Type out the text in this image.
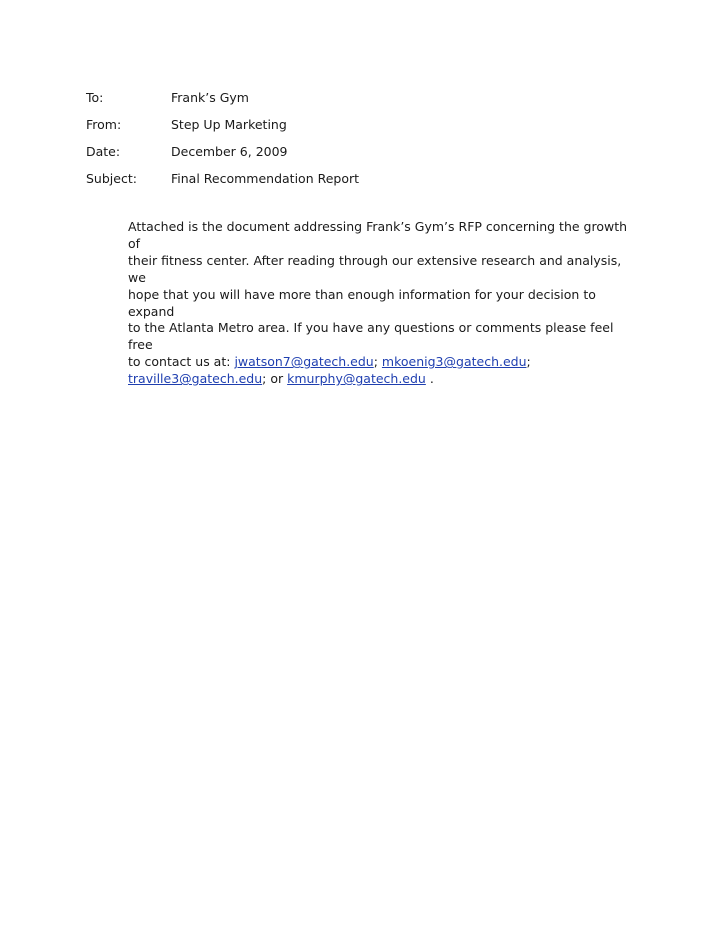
To:	Frank’s Gym
From:	Step Up Marketing
Date:	December 6, 2009
Subject:	Final Recommendation Report
Attached is the document addressing Frank’s Gym’s RFP concerning the growth of
their fitness center. After reading through our extensive research and analysis, we
hope that you will have more than enough information for your decision to expand
to the Atlanta Metro area. If you have any questions or comments please feel free
to contact us at: jwatson7@gatech.edu; mkoenig3@gatech.edu;
traville3@gatech.edu; or kmurphy@gatech.edu .
